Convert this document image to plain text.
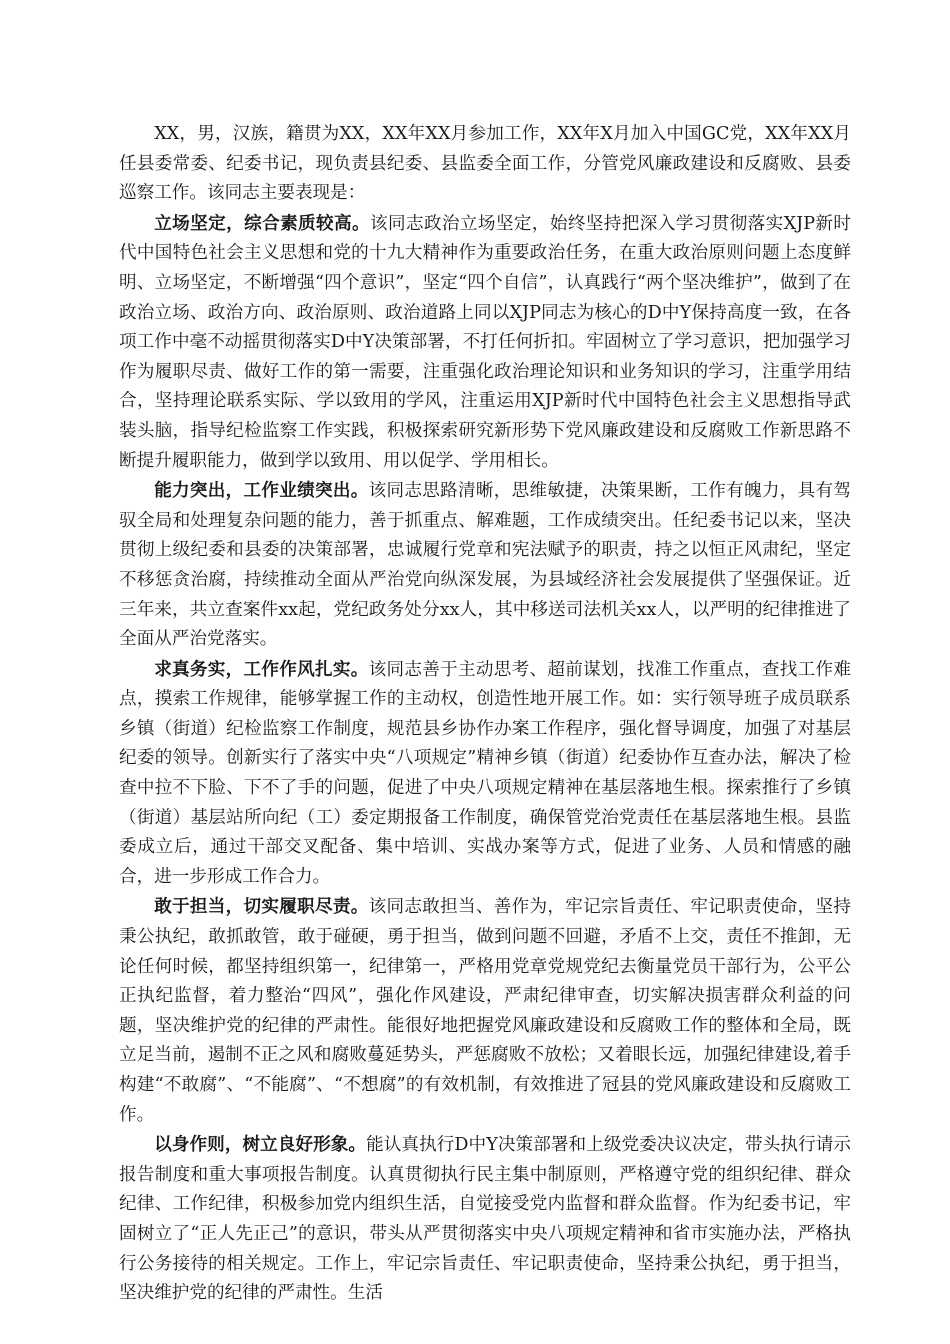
XX，男，汉族，籍贯为XX，XX年XX月参加工作，XX年X月加入中国GC党，XX年XX月任县委常委、纪委书记，现负责县纪委、县监委全面工作，分管党风廉政建设和反腐败、县委巡察工作。该同志主要表现是：

立场坚定，综合素质较高。该同志政治立场坚定，始终坚持把深入学习贯彻落实XJP新时代中国特色社会主义思想和党的十九大精神作为重要政治任务，在重大政治原则问题上态度鲜明、立场坚定，不断增强“四个意识”，坚定“四个自信”，认真践行“两个坚决维护”，做到了在政治立场、政治方向、政治原则、政治道路上同以XJP同志为核心的D中Y保持高度一致，在各项工作中毫不动摇贯彻落实D中Y决策部署，不打任何折扣。牢固树立了学习意识，把加强学习作为履职尽责、做好工作的第一需要，注重强化政治理论知识和业务知识的学习，注重学用结合，坚持理论联系实际、学以致用的学风，注重运用XJP新时代中国特色社会主义思想指导武装头脑，指导纪检监察工作实践，积极探索研究新形势下党风廉政建设和反腐败工作新思路不断提升履职能力，做到学以致用、用以促学、学用相长。

能力突出，工作业绩突出。该同志思路清晰，思维敏捷，决策果断，工作有魄力，具有驾驭全局和处理复杂问题的能力，善于抓重点、解难题，工作成绩突出。任纪委书记以来，坚决贯彻上级纪委和县委的决策部署，忠诚履行党章和宪法赋予的职责，持之以恒正风肃纪，坚定不移惩贪治腐，持续推动全面从严治党向纵深发展，为县域经济社会发展提供了坚强保证。近三年来，共立查案件xx起，党纪政务处分xx人，其中移送司法机关xx人，以严明的纪律推进了全面从严治党落实。

求真务实，工作作风扎实。该同志善于主动思考、超前谋划，找准工作重点，查找工作难点，摸索工作规律，能够掌握工作的主动权，创造性地开展工作。如：实行领导班子成员联系乡镇（街道）纪检监察工作制度，规范县乡协作办案工作程序，强化督导调度，加强了对基层纪委的领导。创新实行了落实中央“八项规定”精神乡镇（街道）纪委协作互查办法，解决了检查中拉不下脸、下不了手的问题，促进了中央八项规定精神在基层落地生根。探索推行了乡镇（街道）基层站所向纪（工）委定期报备工作制度，确保管党治党责任在基层落地生根。县监委成立后，通过干部交叉配备、集中培训、实战办案等方式，促进了业务、人员和情感的融合，进一步形成工作合力。

敢于担当，切实履职尽责。该同志敢担当、善作为，牢记宗旨责任、牢记职责使命，坚持秉公执纪，敢抓敢管，敢于碰硬，勇于担当，做到问题不回避，矛盾不上交，责任不推卸，无论任何时候，都坚持组织第一，纪律第一，严格用党章党规党纪去衡量党员干部行为，公平公正执纪监督，着力整治“四风”，强化作风建设，严肃纪律审查，切实解决损害群众利益的问题，坚决维护党的纪律的严肃性。能很好地把握党风廉政建设和反腐败工作的整体和全局，既立足当前，遏制不正之风和腐败蔓延势头，严惩腐败不放松；又着眼长远，加强纪律建设,着手构建“不敢腐”、“不能腐”、“不想腐”的有效机制，有效推进了冠县的党风廉政建设和反腐败工作。

以身作则，树立良好形象。能认真执行D中Y决策部署和上级党委决议决定，带头执行请示报告制度和重大事项报告制度。认真贯彻执行民主集中制原则，严格遵守党的组织纪律、群众纪律、工作纪律，积极参加党内组织生活，自觉接受党内监督和群众监督。作为纪委书记，牢固树立了“正人先正己”的意识，带头从严贯彻落实中央八项规定精神和省市实施办法，严格执行公务接待的相关规定。工作上，牢记宗旨责任、牢记职责使命，坚持秉公执纪，勇于担当，坚决维护党的纪律的严肃性。生活
